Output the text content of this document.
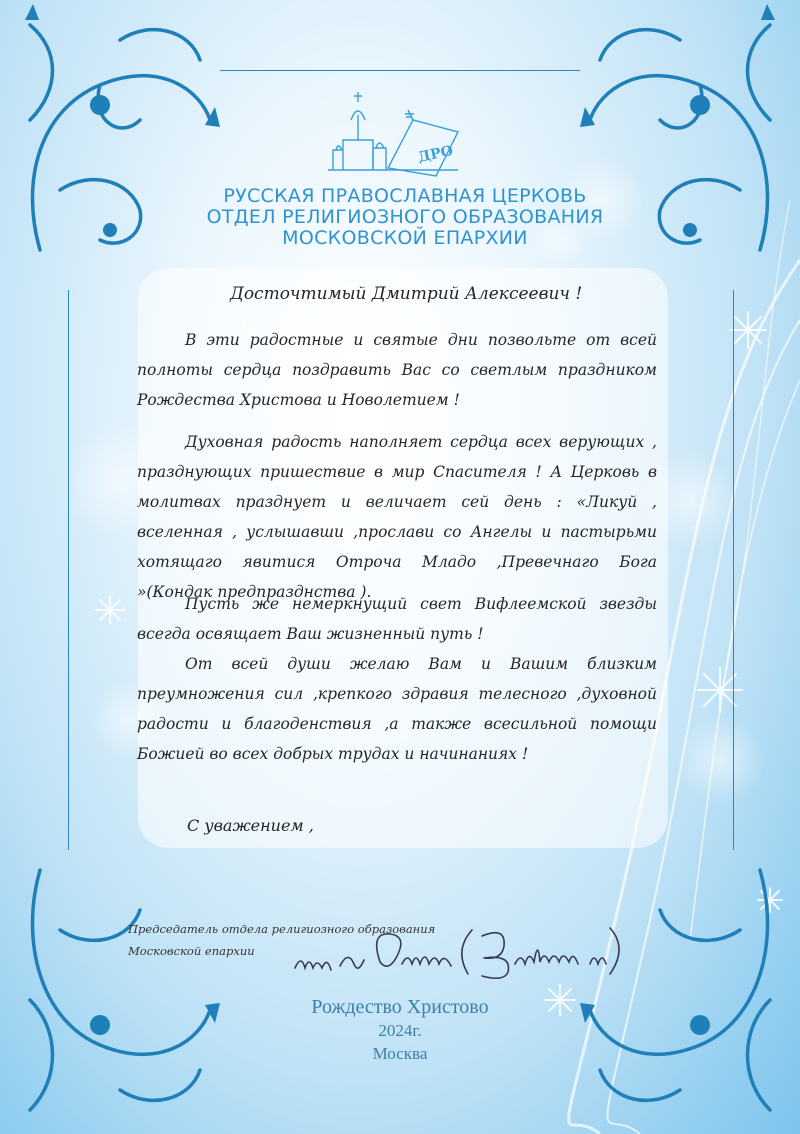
ДРО
РУССКАЯ ПРАВОСЛАВНАЯ ЦЕРКОВЬ
ОТДЕЛ РЕЛИГИОЗНОГО ОБРАЗОВАНИЯ
МОСКОВСКОЙ ЕПАРХИИ
Досточтимый Дмитрий Алексеевич !

В эти радостные и святые дни позвольте от всей полноты сердца поздравить Вас со светлым праздником Рождества Христова и Новолетием !

Духовная радость наполняет сердца всех верующих , празднующих пришествие в мир Спасителя ! А Церковь в молитвах празднует и величает сей день : «Ликуй , вселенная , услышавши ,прослави со Ангелы и пастырьми хотящаго явитися Отроча Младо ,Превечнаго Бога »(Кондак предпразднства ).

Пусть же немеркнущий свет Вифлеемской звезды всегда освящает Ваш жизненный путь !

От всей души желаю Вам и Вашим близким преумножения сил ,крепкого здравия телесного ,духовной радости и благоденствия ,а также всесильной помощи Божией во всех добрых трудах и начинаниях !

С уважением ,
Председатель отдела религиозного образования
Московской епархии
Рождество Христово
2024г.
Москва
